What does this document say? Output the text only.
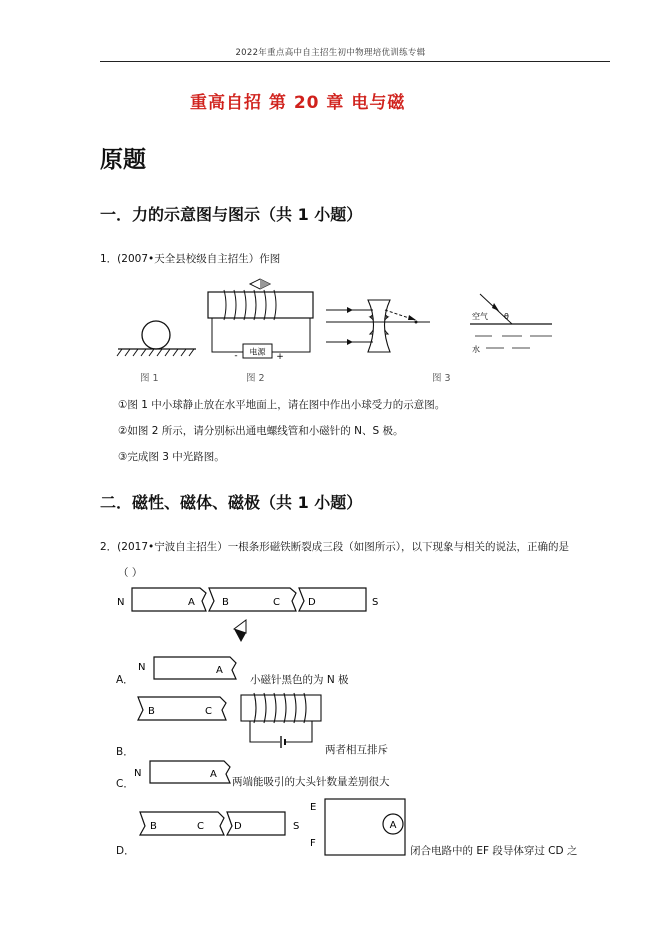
2022年重点高中自主招生初中物理培优训练专辑
重高自招 第 20 章 电与磁
原题
一．力的示意图与图示（共 1 小题）
1．(2007•天全县校级自主招生）作图
电源
-	+
空气 θ
水
图 1	图 2	图 3
①图 1 中小球静止放在水平地面上，请在图中作出小球受力的示意图。
②如图 2 所示，请分别标出通电螺线管和小磁针的 N、S 极。
③完成图 3 中光路图。
二．磁性、磁体、磁极（共 1 小题）
2．(2017•宁波自主招生）一根条形磁铁断裂成三段（如图所示），以下现象与相关的说法，正确的是
（ ）
N	A	B	C	D	S
N	A
B	C
N	A
B	C	D	S
E
F
A
A．	小磁针黑色的为 N 极
B．	两者相互排斥
C．	两端能吸引的大头针数量差别很大
D．	闭合电路中的 EF 段导体穿过 CD 之
